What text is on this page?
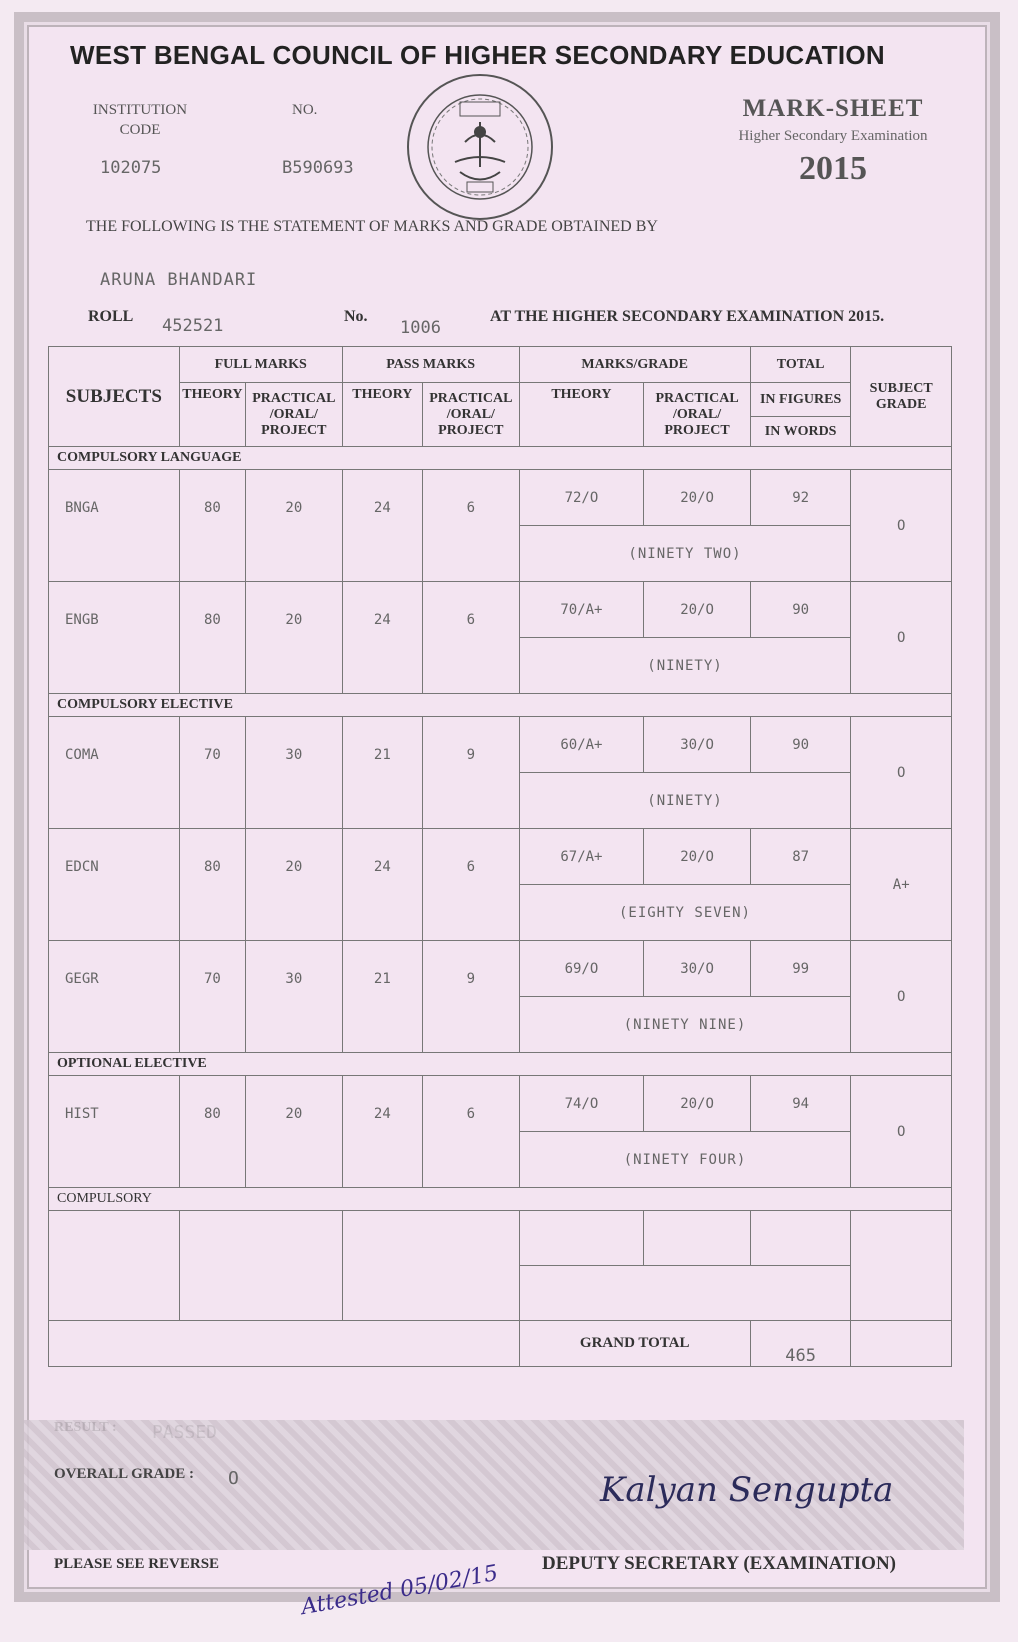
WEST BENGAL COUNCIL OF HIGHER SECONDARY EDUCATION
INSTITUTION CODE
102075
NO.
B590693
MARK-SHEET
Higher Secondary Examination
2015
THE FOLLOWING IS THE STATEMENT OF MARKS AND GRADE OBTAINED BY
ARUNA BHANDARI
ROLL 452521	No.
1006
AT THE HIGHER SECONDARY EXAMINATION 2015.
SUBJECTS	FULL MARKS		PASS MARKS		MARKS/GRADE		TOTAL	SUBJECT GRADE
	THEORY	PRACTICAL /ORAL/ PROJECT	THEORY	PRACTICAL /ORAL/ PROJECT	THEORY	PRACTICAL /ORAL/ PROJECT	IN FIGURES	
							IN WORDS	
COMPULSORY LANGUAGE								
BNGA	80	20	24	6	72/O	20/O	92	O
					(NINETY TWO)			
ENGB	80	20	24	6	70/A+	20/O	90	O
					(NINETY)			
COMPULSORY ELECTIVE								
COMA	70	30	21	9	60/A+	30/O	90	O
					(NINETY)			
EDCN	80	20	24	6	67/A+	20/O	87	A+
					(EIGHTY SEVEN)			
GEGR	70	30	21	9	69/O	30/O	99	O
					(NINETY NINE)			
OPTIONAL ELECTIVE								
HIST	80	20	24	6	74/O	20/O	94	O
					(NINETY FOUR)			
COMPULSORY								

					GRAND TOTAL		465	
OVERALL GRADE : O	Kalyan Sengupta
PLEASE SEE REVERSE	DEPUTY SECRETARY (EXAMINATION)
Attested 05/02/15
